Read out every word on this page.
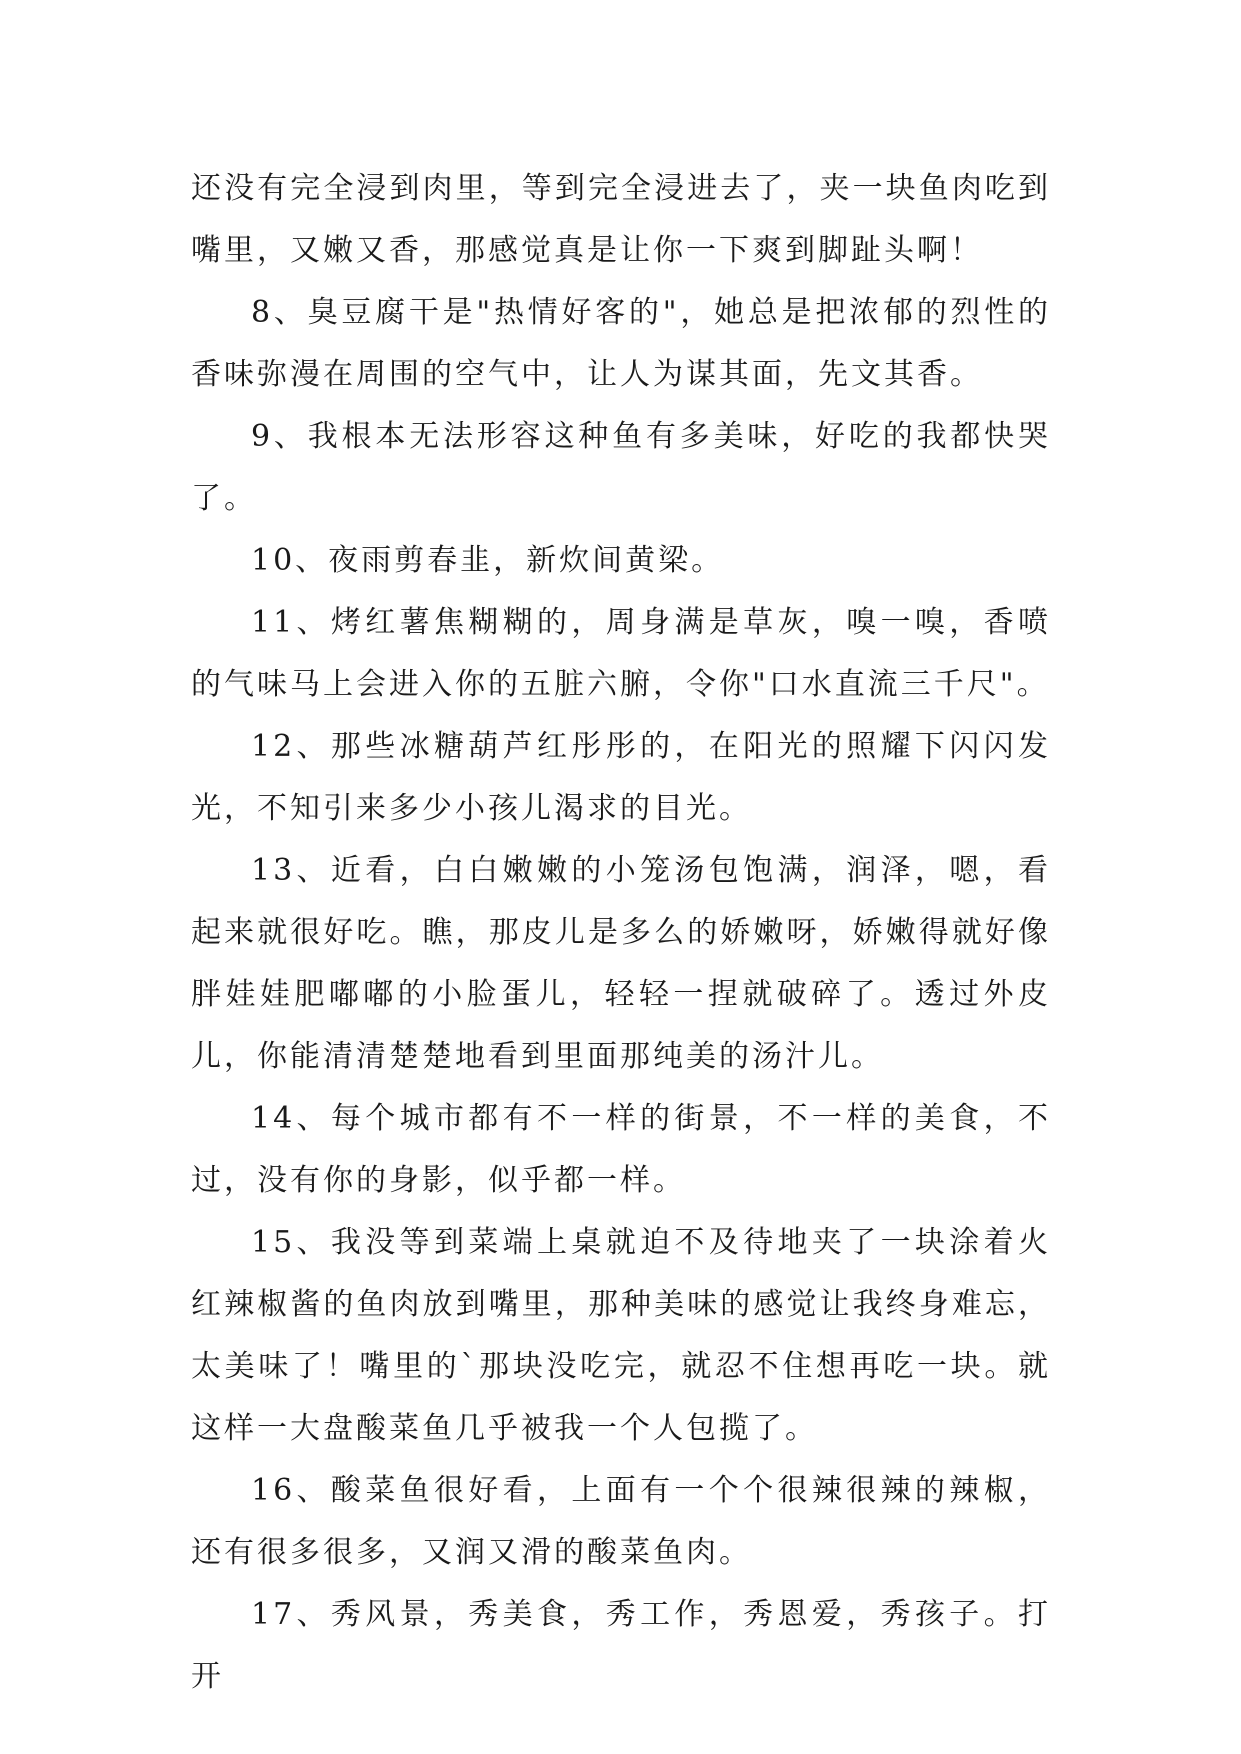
还没有完全浸到肉里，等到完全浸进去了，夹一块鱼肉吃到嘴里，又嫩又香，那感觉真是让你一下爽到脚趾头啊！

8、臭豆腐干是"热情好客的"，她总是把浓郁的烈性的香味弥漫在周围的空气中，让人为谋其面，先文其香。

9、我根本无法形容这种鱼有多美味，好吃的我都快哭了。

10、夜雨剪春韭，新炊间黄梁。

11、烤红薯焦糊糊的，周身满是草灰，嗅一嗅，香喷的气味马上会进入你的五脏六腑，令你"口水直流三千尺"。

12、那些冰糖葫芦红彤彤的，在阳光的照耀下闪闪发光，不知引来多少小孩儿渴求的目光。

13、近看，白白嫩嫩的小笼汤包饱满，润泽，嗯，看起来就很好吃。瞧，那皮儿是多么的娇嫩呀，娇嫩得就好像胖娃娃肥嘟嘟的小脸蛋儿，轻轻一捏就破碎了。透过外皮儿，你能清清楚楚地看到里面那纯美的汤汁儿。

14、每个城市都有不一样的街景，不一样的美食，不过，没有你的身影，似乎都一样。

15、我没等到菜端上桌就迫不及待地夹了一块涂着火红辣椒酱的鱼肉放到嘴里，那种美味的感觉让我终身难忘，太美味了！嘴里的`那块没吃完，就忍不住想再吃一块。就这样一大盘酸菜鱼几乎被我一个人包揽了。

16、酸菜鱼很好看，上面有一个个很辣很辣的辣椒，还有很多很多，又润又滑的酸菜鱼肉。

17、秀风景，秀美食，秀工作，秀恩爱，秀孩子。打开
